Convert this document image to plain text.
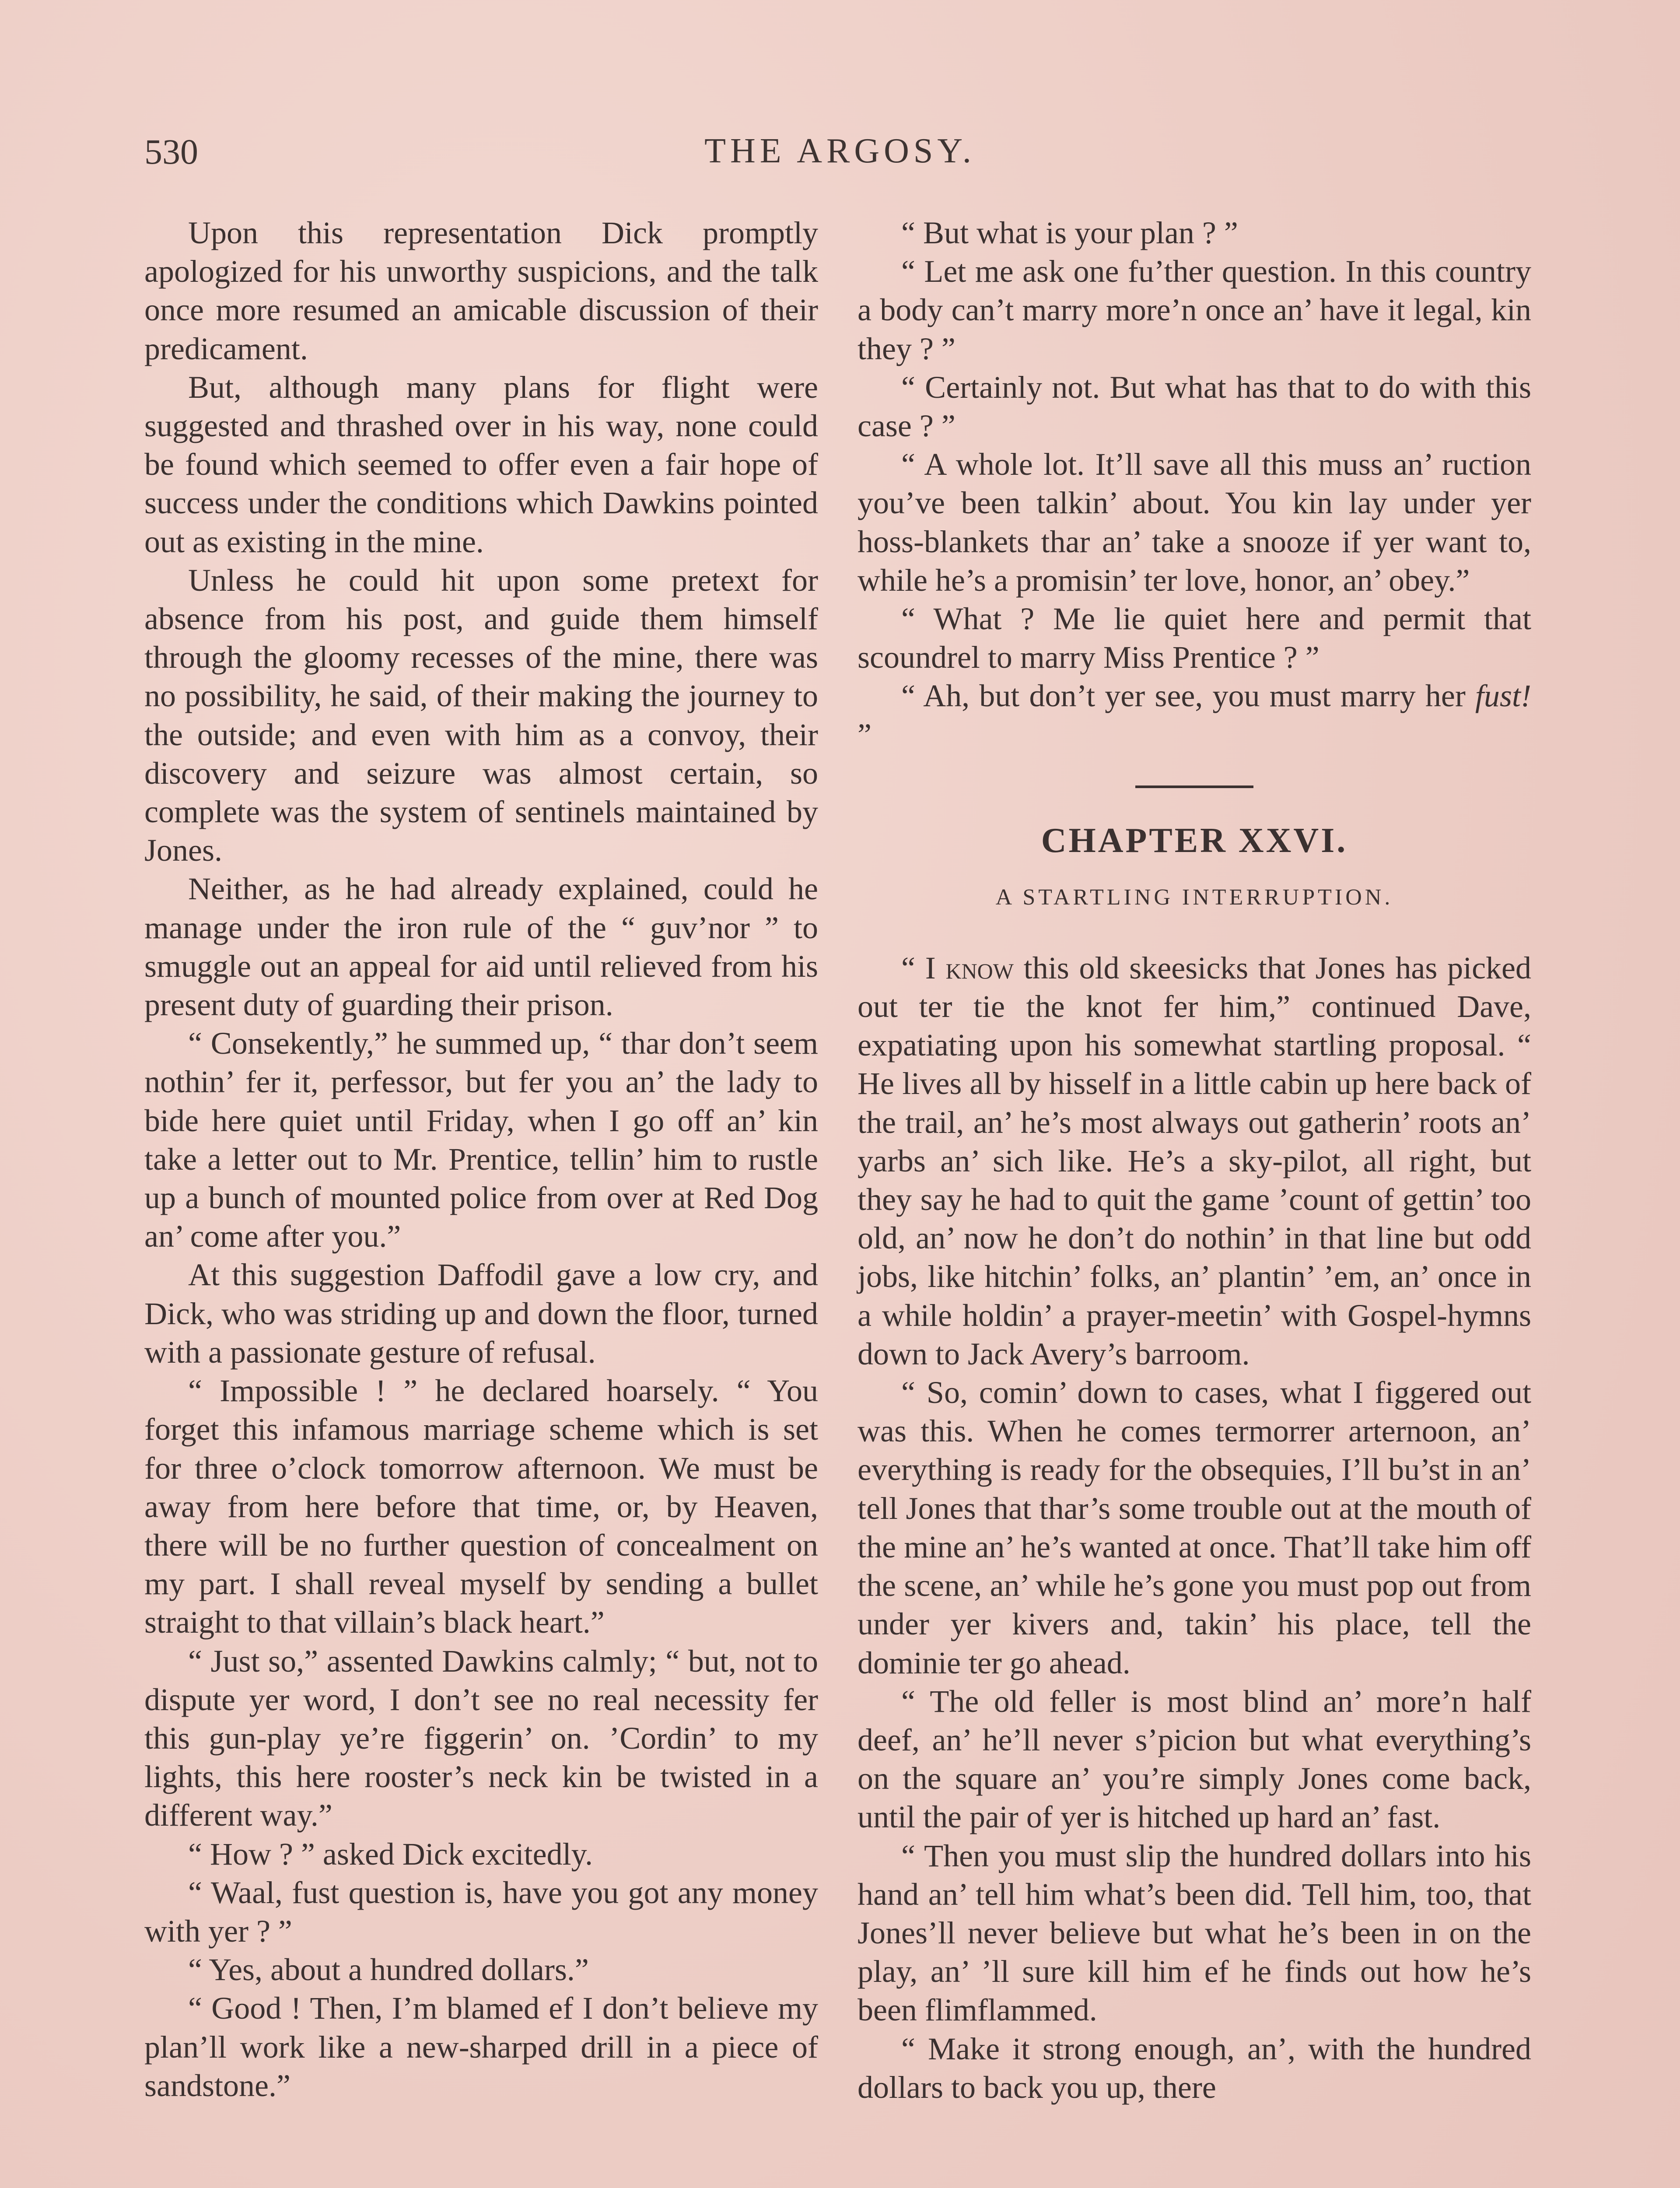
530	THE ARGOSY.

Upon this representation Dick promptly apologized for his unworthy suspicions, and the talk once more resumed an amicable discussion of their predicament.

But, although many plans for flight were suggested and thrashed over in his way, none could be found which seemed to offer even a fair hope of success under the conditions which Dawkins pointed out as existing in the mine.

Unless he could hit upon some pretext for absence from his post, and guide them himself through the gloomy recesses of the mine, there was no possibility, he said, of their making the journey to the outside; and even with him as a convoy, their discovery and seizure was almost certain, so complete was the system of sentinels maintained by Jones.

Neither, as he had already explained, could he manage under the iron rule of the “ guv’nor ” to smuggle out an appeal for aid until relieved from his present duty of guarding their prison.

“ Consekently,” he summed up, “ thar don’t seem nothin’ fer it, perfessor, but fer you an’ the lady to bide here quiet until Friday, when I go off an’ kin take a letter out to Mr. Prentice, tellin’ him to rustle up a bunch of mounted police from over at Red Dog an’ come after you.”

At this suggestion Daffodil gave a low cry, and Dick, who was striding up and down the floor, turned with a passionate gesture of refusal.

“ Impossible ! ” he declared hoarsely. “ You forget this infamous marriage scheme which is set for three o’clock tomorrow afternoon. We must be away from here before that time, or, by Heaven, there will be no further question of concealment on my part. I shall reveal myself by sending a bullet straight to that villain’s black heart.”

“ Just so,” assented Dawkins calmly; “ but, not to dispute yer word, I don’t see no real necessity fer this gun-play ye’re figgerin’ on. ’Cordin’ to my lights, this here rooster’s neck kin be twisted in a different way.”

“ How ? ” asked Dick excitedly.

“ Waal, fust question is, have you got any money with yer ? ”

“ Yes, about a hundred dollars.”

“ Good ! Then, I’m blamed ef I don’t believe my plan’ll work like a new-sharped drill in a piece of sandstone.”

“ But what is your plan ? ”

“ Let me ask one fu’ther question. In this country a body can’t marry more’n once an’ have it legal, kin they ? ”

“ Certainly not. But what has that to do with this case ? ”

“ A whole lot. It’ll save all this muss an’ ruction you’ve been talkin’ about. You kin lay under yer hoss-blankets thar an’ take a snooze if yer want to, while he’s a promisin’ ter love, honor, an’ obey.”

“ What ? Me lie quiet here and permit that scoundrel to marry Miss Prentice ? ”

“ Ah, but don’t yer see, you must marry her fust! ”

CHAPTER XXVI.
A STARTLING INTERRUPTION.

“ I know this old skeesicks that Jones has picked out ter tie the knot fer him,” continued Dave, expatiating upon his somewhat startling proposal. “ He lives all by hisself in a little cabin up here back of the trail, an’ he’s most always out gatherin’ roots an’ yarbs an’ sich like. He’s a sky-pilot, all right, but they say he had to quit the game ’count of gettin’ too old, an’ now he don’t do nothin’ in that line but odd jobs, like hitchin’ folks, an’ plantin’ ’em, an’ once in a while holdin’ a prayer-meetin’ with Gospel-hymns down to Jack Avery’s barroom.

“ So, comin’ down to cases, what I figgered out was this. When he comes termorrer arternoon, an’ everything is ready for the obsequies, I’ll bu’st in an’ tell Jones that thar’s some trouble out at the mouth of the mine an’ he’s wanted at once. That’ll take him off the scene, an’ while he’s gone you must pop out from under yer kivers and, takin’ his place, tell the dominie ter go ahead.

“ The old feller is most blind an’ more’n half deef, an’ he’ll never s’picion but what everything’s on the square an’ you’re simply Jones come back, until the pair of yer is hitched up hard an’ fast.

“ Then you must slip the hundred dollars into his hand an’ tell him what’s been did. Tell him, too, that Jones’ll never believe but what he’s been in on the play, an’ ’ll sure kill him ef he finds out how he’s been flimflammed.

“ Make it strong enough, an’, with the hundred dollars to back you up, there
